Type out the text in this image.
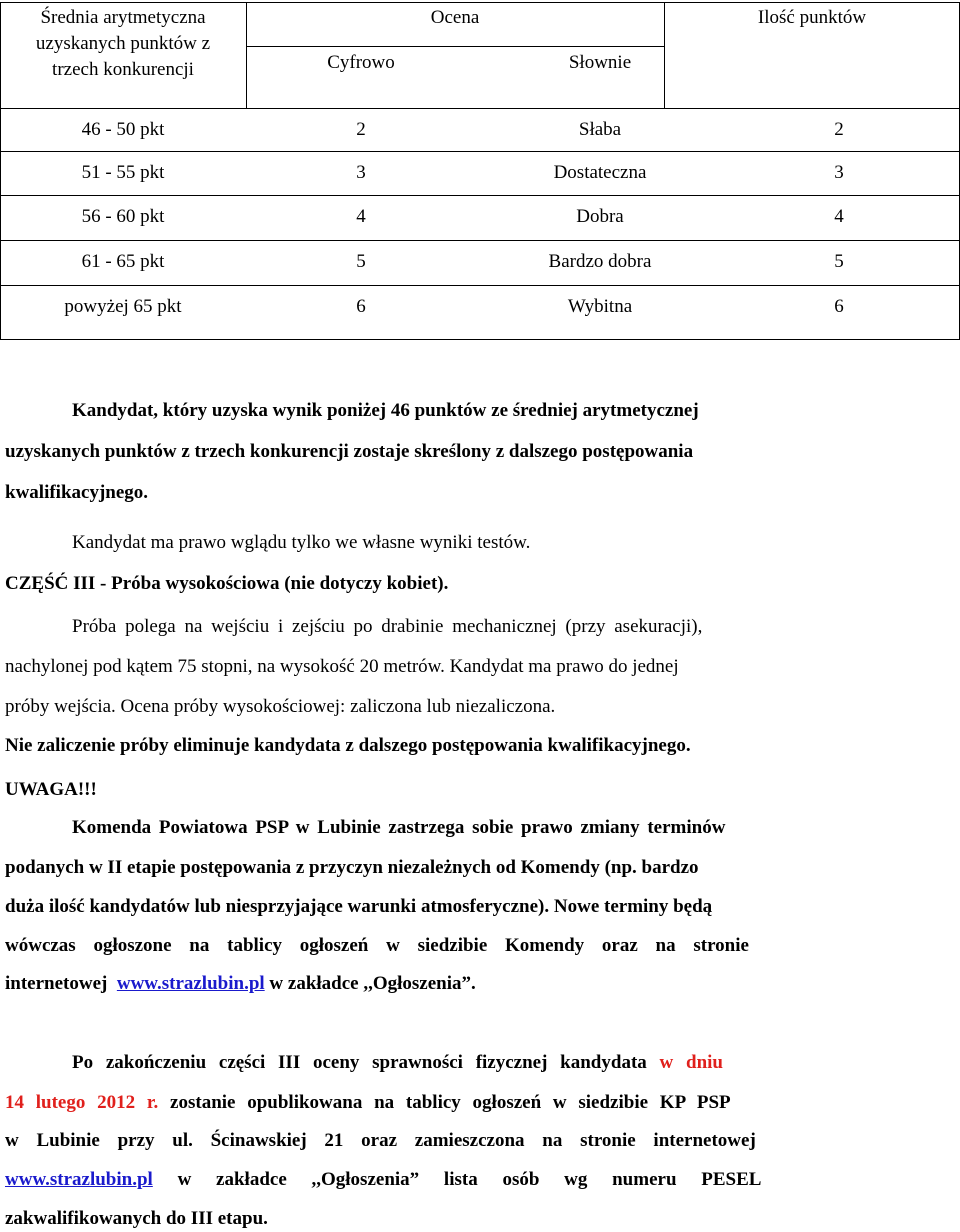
Średnia arytmetyczna
uzyskanych punktów z
trzech konkurencji
Ocena
Cyfrowo	Słownie
Ilość punktów
46 - 50 pkt	2	Słaba	2
51 - 55 pkt	3	Dostateczna	3
56 - 60 pkt	4	Dobra	4
61 - 65 pkt	5	Bardzo dobra	5
powyżej 65 pkt	6	Wybitna	6
Kandydat, który uzyska wynik poniżej 46 punktów ze średniej arytmetycznej
uzyskanych punktów z trzech konkurencji zostaje skreślony z dalszego postępowania
kwalifikacyjnego.
Kandydat ma prawo wglądu tylko we własne wyniki testów.
CZĘŚĆ III - Próba wysokościowa (nie dotyczy kobiet).
Próba polega na wejściu i zejściu po drabinie mechanicznej (przy asekuracji),
nachylonej pod kątem 75 stopni, na wysokość 20 metrów. Kandydat ma prawo do jednej
próby wejścia. Ocena próby wysokościowej: zaliczona lub niezaliczona.
Nie zaliczenie próby eliminuje kandydata z dalszego postępowania kwalifikacyjnego.
UWAGA!!!
Komenda Powiatowa PSP w Lubinie zastrzega sobie prawo zmiany terminów
podanych w II etapie postępowania z przyczyn niezależnych od Komendy (np. bardzo
duża ilość kandydatów lub niesprzyjające warunki atmosferyczne). Nowe terminy będą
wówczas ogłoszone na tablicy ogłoszeń w siedzibie Komendy oraz na stronie
internetowej www.strazlubin.pl w zakładce ,,Ogłoszenia”.
Po zakończeniu części III oceny sprawności fizycznej kandydata w dniu
14 lutego 2012 r. zostanie opublikowana na tablicy ogłoszeń w siedzibie KP PSP
w Lubinie przy ul. Ścinawskiej 21 oraz zamieszczona na stronie internetowej
www.strazlubin.pl w zakładce ,,Ogłoszenia” lista osób wg numeru PESEL
zakwalifikowanych do III etapu.
